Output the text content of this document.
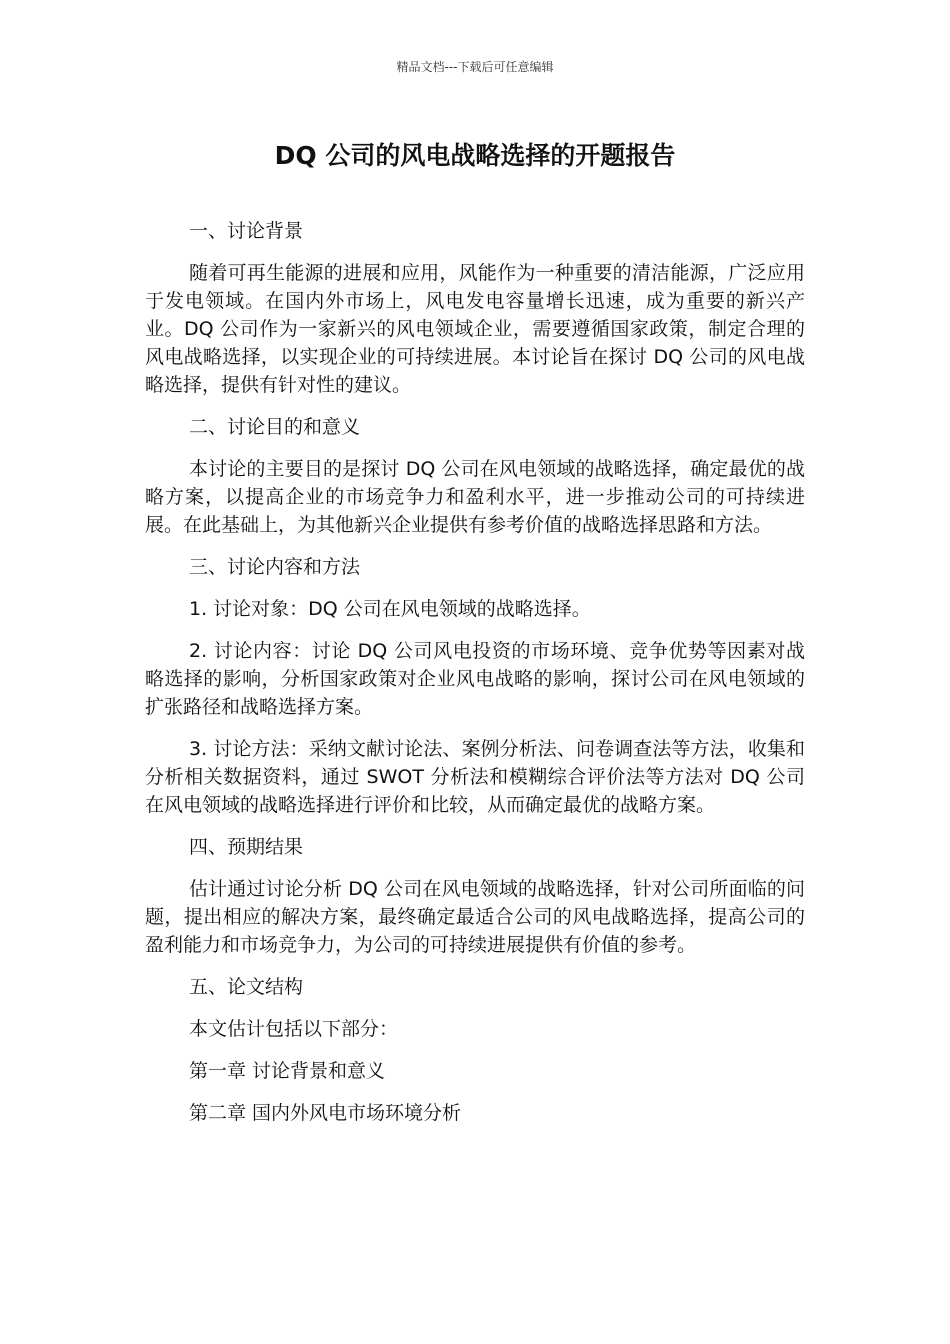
精品文档---下载后可任意编辑
DQ 公司的风电战略选择的开题报告

一、讨论背景

随着可再生能源的进展和应用，风能作为一种重要的清洁能源，广泛应用于发电领域。在国内外市场上，风电发电容量增长迅速，成为重要的新兴产业。DQ 公司作为一家新兴的风电领域企业，需要遵循国家政策，制定合理的风电战略选择，以实现企业的可持续进展。本讨论旨在探讨 DQ 公司的风电战略选择，提供有针对性的建议。

二、讨论目的和意义

本讨论的主要目的是探讨 DQ 公司在风电领域的战略选择，确定最优的战略方案，以提高企业的市场竞争力和盈利水平，进一步推动公司的可持续进展。在此基础上，为其他新兴企业提供有参考价值的战略选择思路和方法。

三、讨论内容和方法

1. 讨论对象：DQ 公司在风电领域的战略选择。

2. 讨论内容：讨论 DQ 公司风电投资的市场环境、竞争优势等因素对战略选择的影响，分析国家政策对企业风电战略的影响，探讨公司在风电领域的扩张路径和战略选择方案。

3. 讨论方法：采纳文献讨论法、案例分析法、问卷调查法等方法，收集和分析相关数据资料，通过 SWOT 分析法和模糊综合评价法等方法对 DQ 公司在风电领域的战略选择进行评价和比较，从而确定最优的战略方案。

四、预期结果

估计通过讨论分析 DQ 公司在风电领域的战略选择，针对公司所面临的问题，提出相应的解决方案，最终确定最适合公司的风电战略选择，提高公司的盈利能力和市场竞争力，为公司的可持续进展提供有价值的参考。

五、论文结构

本文估计包括以下部分：

第一章 讨论背景和意义

第二章 国内外风电市场环境分析
